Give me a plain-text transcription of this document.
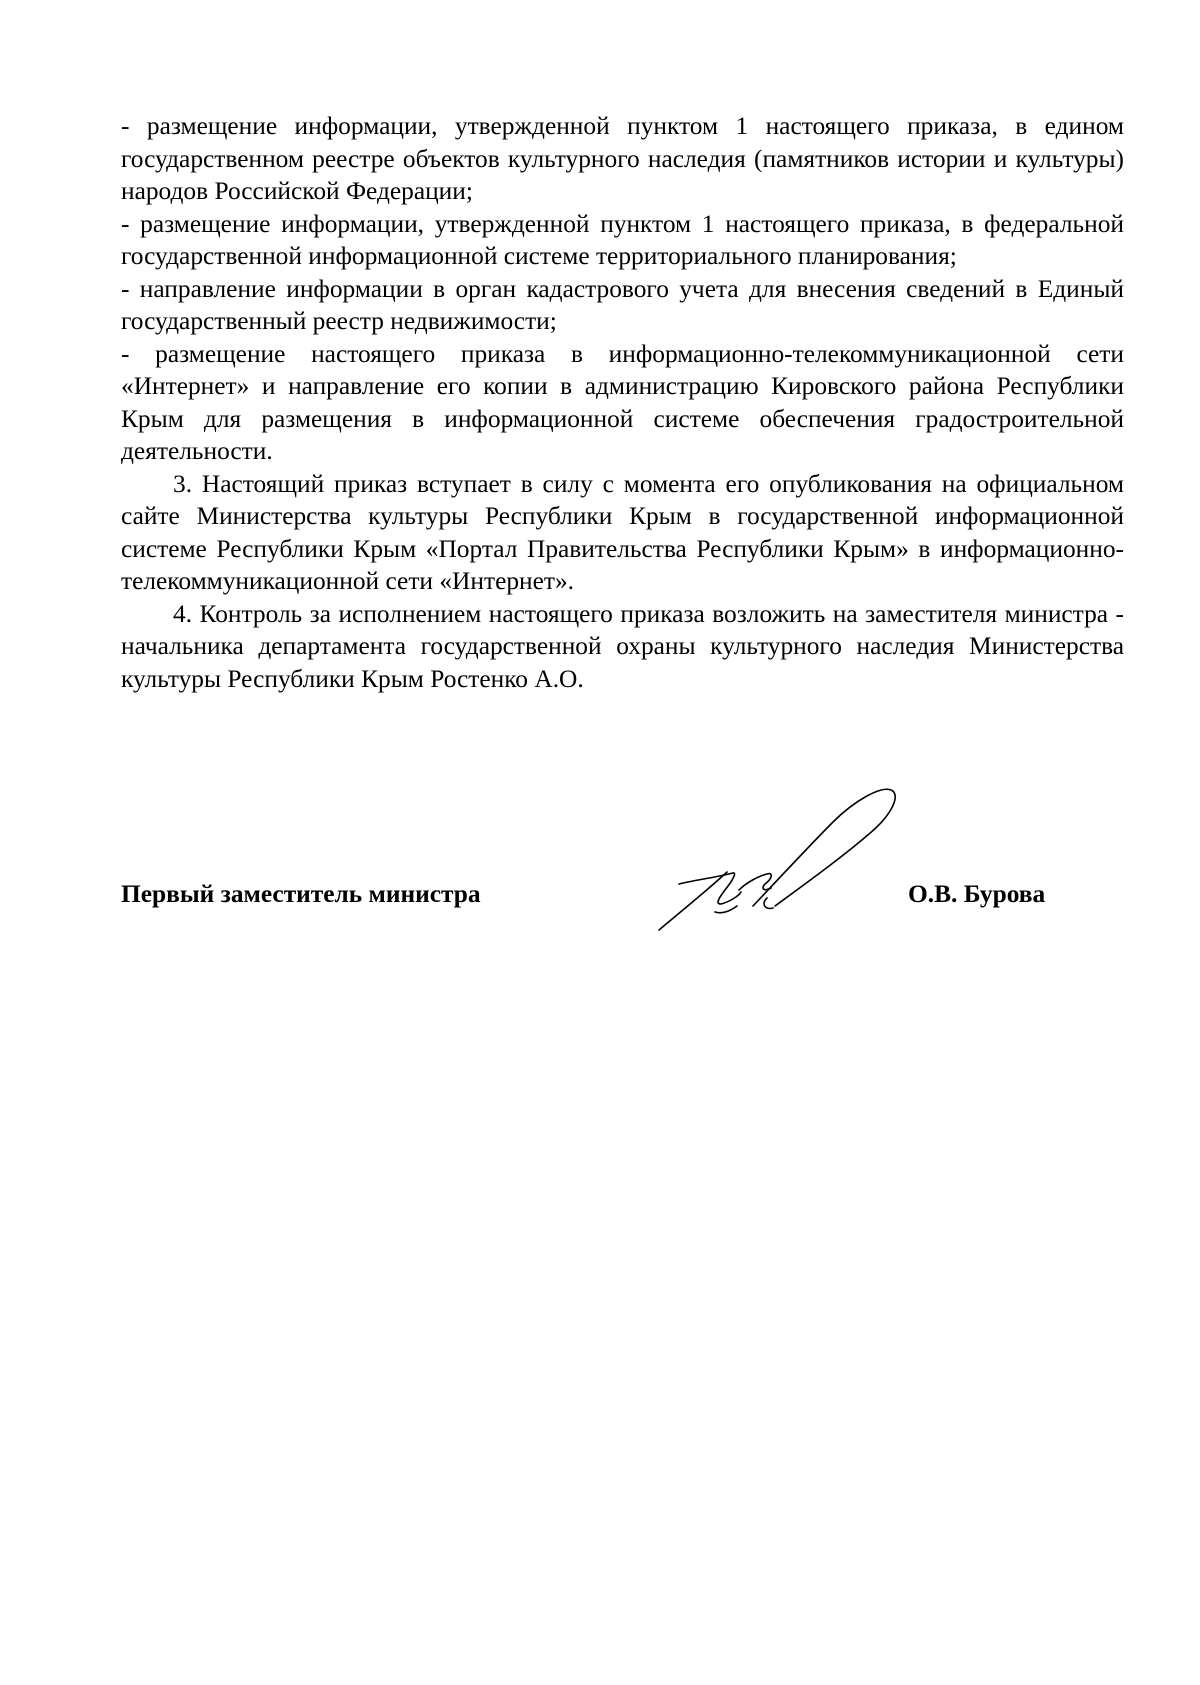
- размещение информации, утвержденной пунктом 1 настоящего приказа, в едином государственном реестре объектов культурного наследия (памятников истории и культуры) народов Российской Федерации;

- размещение информации, утвержденной пунктом 1 настоящего приказа, в федеральной государственной информационной системе территориального планирования;

- направление информации в орган кадастрового учета для внесения сведений в Единый государственный реестр недвижимости;

- размещение настоящего приказа в информационно-телекоммуникационной сети «Интернет» и направление его копии в администрацию Кировского района Республики Крым для размещения в информационной системе обеспечения градостроительной деятельности.

3. Настоящий приказ вступает в силу с момента его опубликования на официальном сайте Министерства культуры Республики Крым в государственной информационной системе Республики Крым «Портал Правительства Республики Крым» в информационно-телекоммуникационной сети «Интернет».

4. Контроль за исполнением настоящего приказа возложить на заместителя министра - начальника департамента государственной охраны культурного наследия Министерства культуры Республики Крым Ростенко А.О.

Первый заместитель министра	О.В. Бурова
